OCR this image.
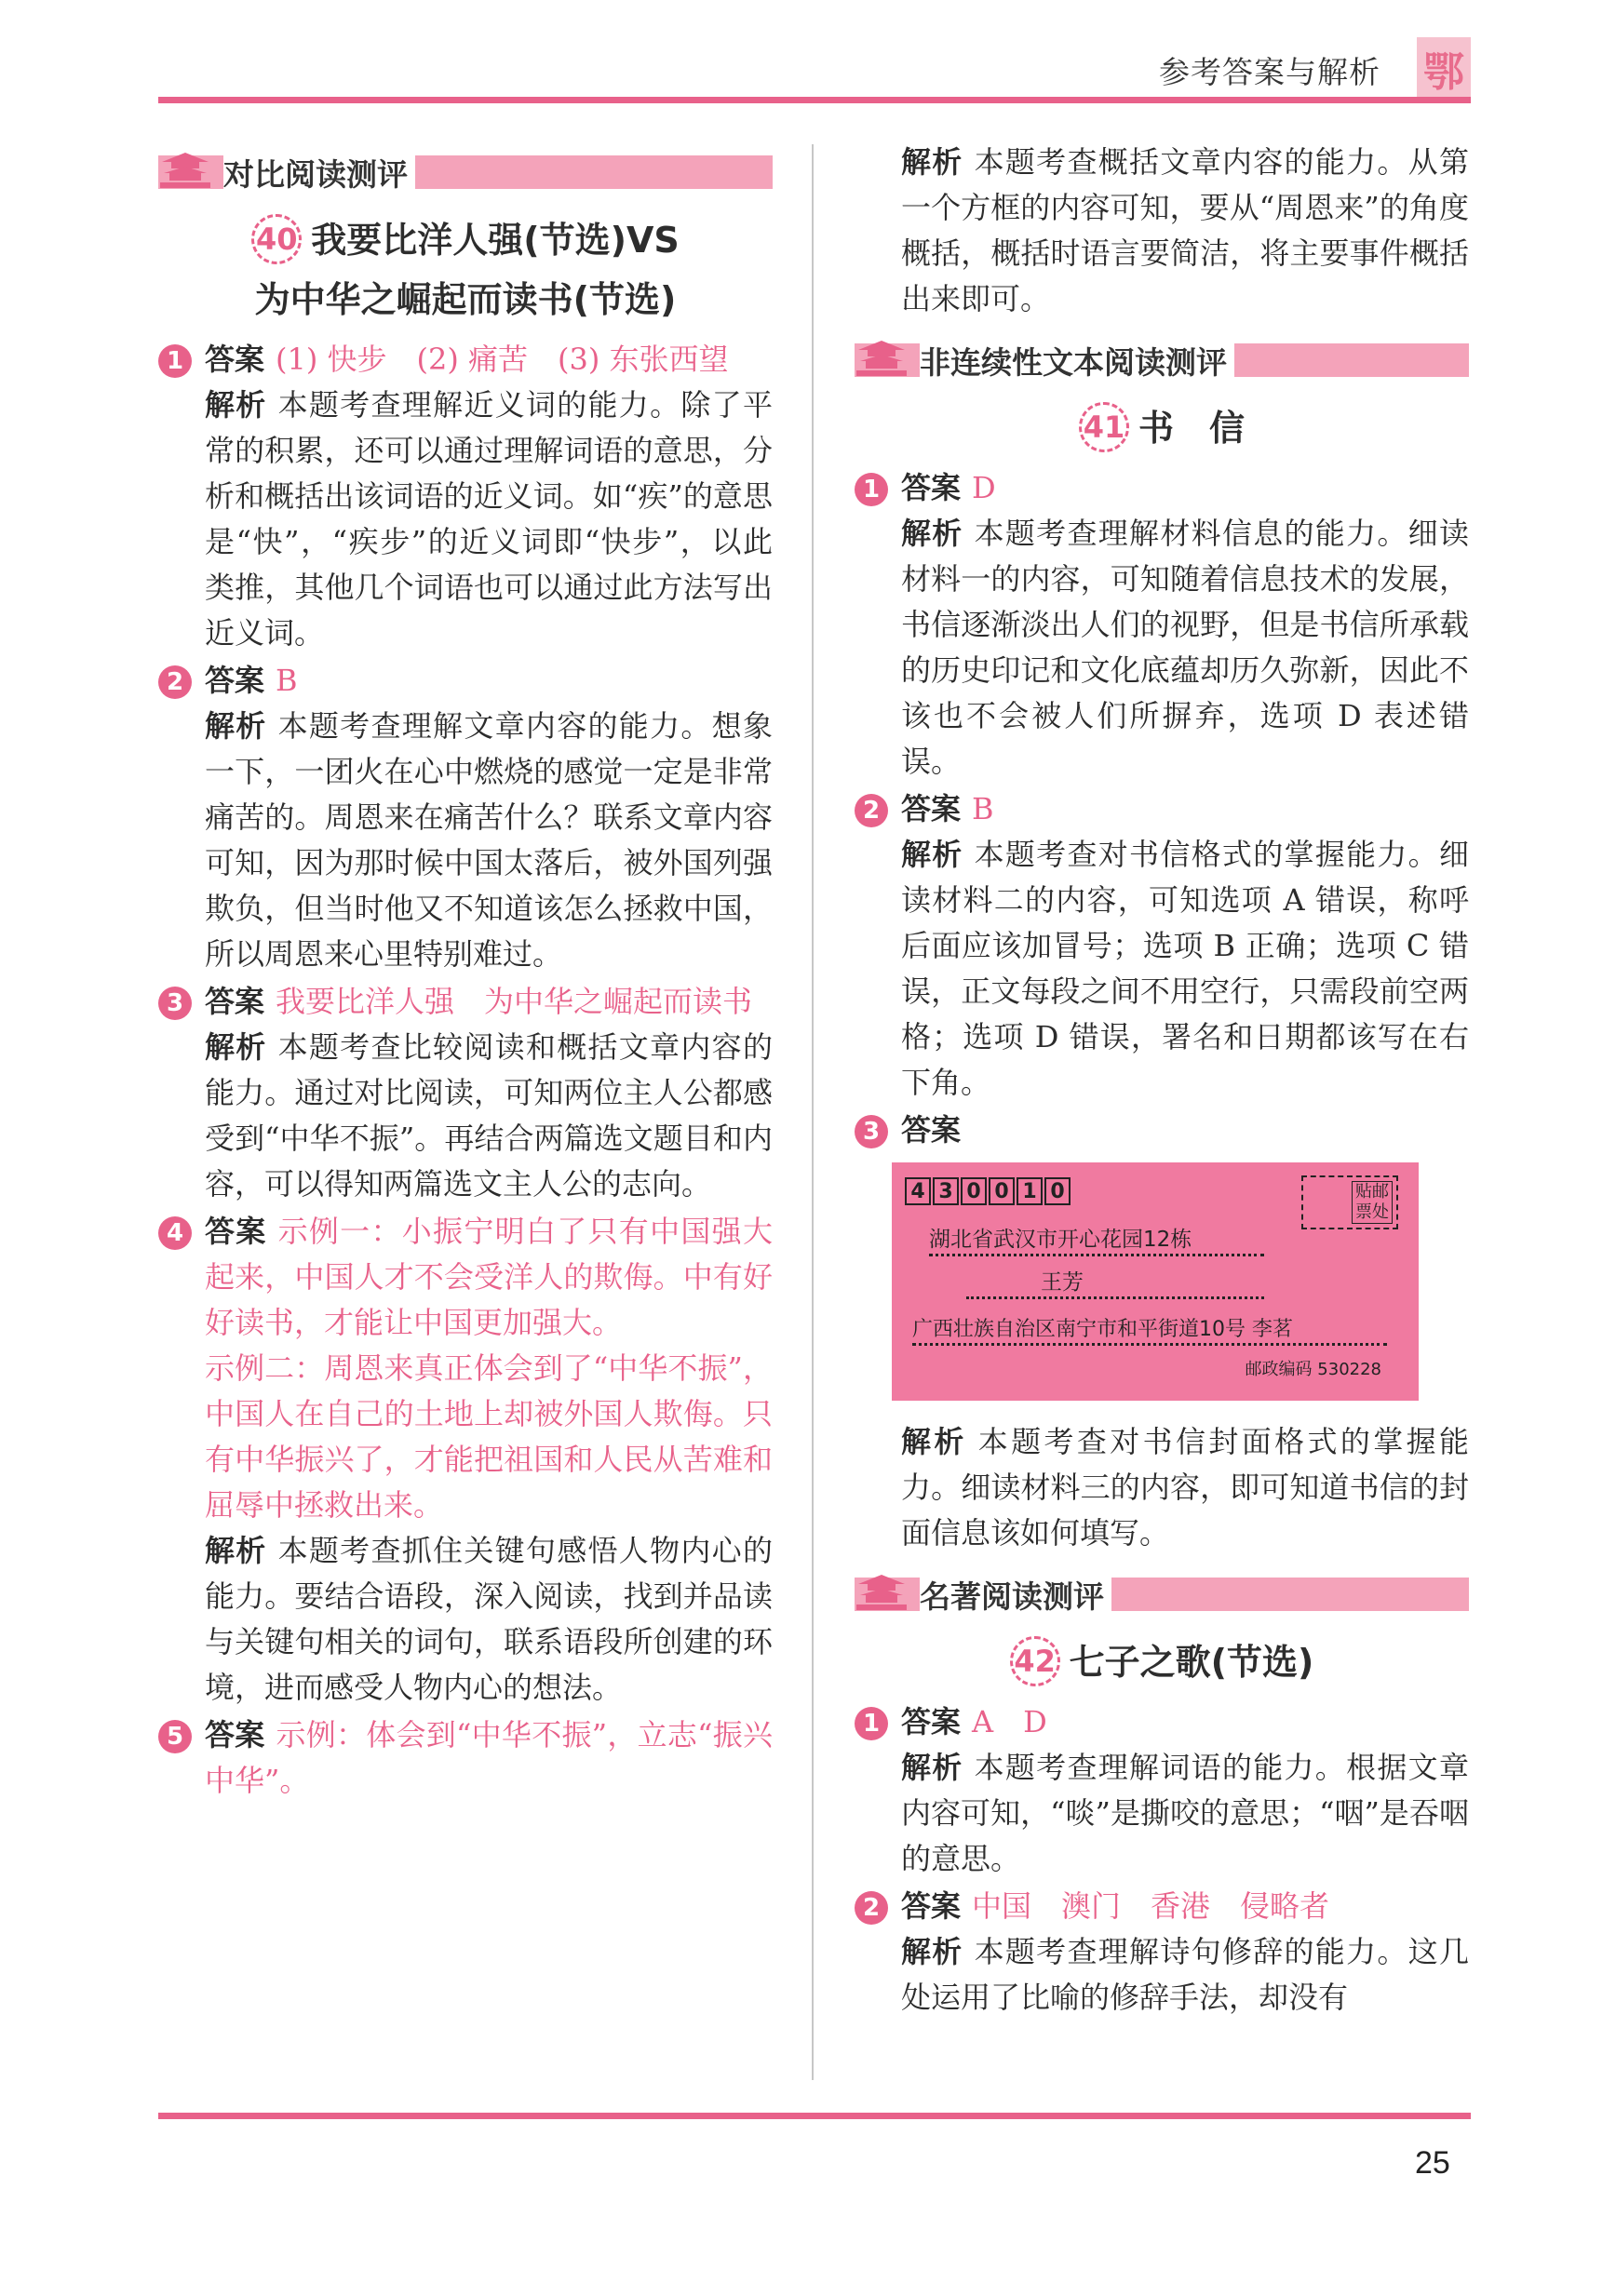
参考答案与解析 鄂
对比阅读测评
40 我要比洋人强(节选)VS
为中华之崛起而读书(节选)
1 答案 (1) 快步　(2) 痛苦　(3) 东张西望
解析 本题考查理解近义词的能力。除了平常的积累，还可以通过理解词语的意思，分析和概括出该词语的近义词。如“疾”的意思是“快”，“疾步”的近义词即“快步”，以此类推，其他几个词语也可以通过此方法写出近义词。
2 答案 B
解析 本题考查理解文章内容的能力。想象一下，一团火在心中燃烧的感觉一定是非常痛苦的。周恩来在痛苦什么？联系文章内容可知，因为那时候中国太落后，被外国列强欺负，但当时他又不知道该怎么拯救中国，所以周恩来心里特别难过。
3 答案 我要比洋人强　为中华之崛起而读书
解析 本题考查比较阅读和概括文章内容的能力。通过对比阅读，可知两位主人公都感受到“中华不振”。再结合两篇选文题目和内容，可以得知两篇选文主人公的志向。
4 答案 示例一：小振宁明白了只有中国强大起来，中国人才不会受洋人的欺侮。中有好好读书，才能让中国更加强大。
示例二：周恩来真正体会到了“中华不振”，中国人在自己的土地上却被外国人欺侮。只有中华振兴了，才能把祖国和人民从苦难和屈辱中拯救出来。
解析 本题考查抓住关键句感悟人物内心的能力。要结合语段，深入阅读，找到并品读与关键句相关的词句，联系语段所创建的环境，进而感受人物内心的想法。
5 答案 示例：体会到“中华不振”，立志“振兴中华”。
解析 本题考查概括文章内容的能力。从第一个方框的内容可知，要从“周恩来”的角度概括，概括时语言要简洁，将主要事件概括出来即可。
非连续性文本阅读测评
41 书　信
1 答案 D
解析 本题考查理解材料信息的能力。细读材料一的内容，可知随着信息技术的发展，书信逐渐淡出人们的视野，但是书信所承载的历史印记和文化底蕴却历久弥新，因此不该也不会被人们所摒弃，选项 D 表述错误。
2 答案 B
解析 本题考查对书信格式的掌握能力。细读材料二的内容，可知选项 A 错误，称呼后面应该加冒号；选项 B 正确；选项 C 错误，正文每段之间不用空行，只需段前空两格；选项 D 错误，署名和日期都该写在右下角。
3 答案
4 3 0 0 1 0	贴邮票处
湖北省武汉市开心花园12栋
王芳
广西壮族自治区南宁市和平街道10号 李茗
邮政编码 530228
解析 本题考查对书信封面格式的掌握能力。细读材料三的内容，即可知道书信的封面信息该如何填写。
名著阅读测评
42 七子之歌(节选)
1 答案 A　D
解析 本题考查理解词语的能力。根据文章内容可知，“啖”是撕咬的意思；“咽”是吞咽的意思。
2 答案 中国　澳门　香港　侵略者
解析 本题考查理解诗句修辞的能力。这几处运用了比喻的修辞手法，却没有
25
